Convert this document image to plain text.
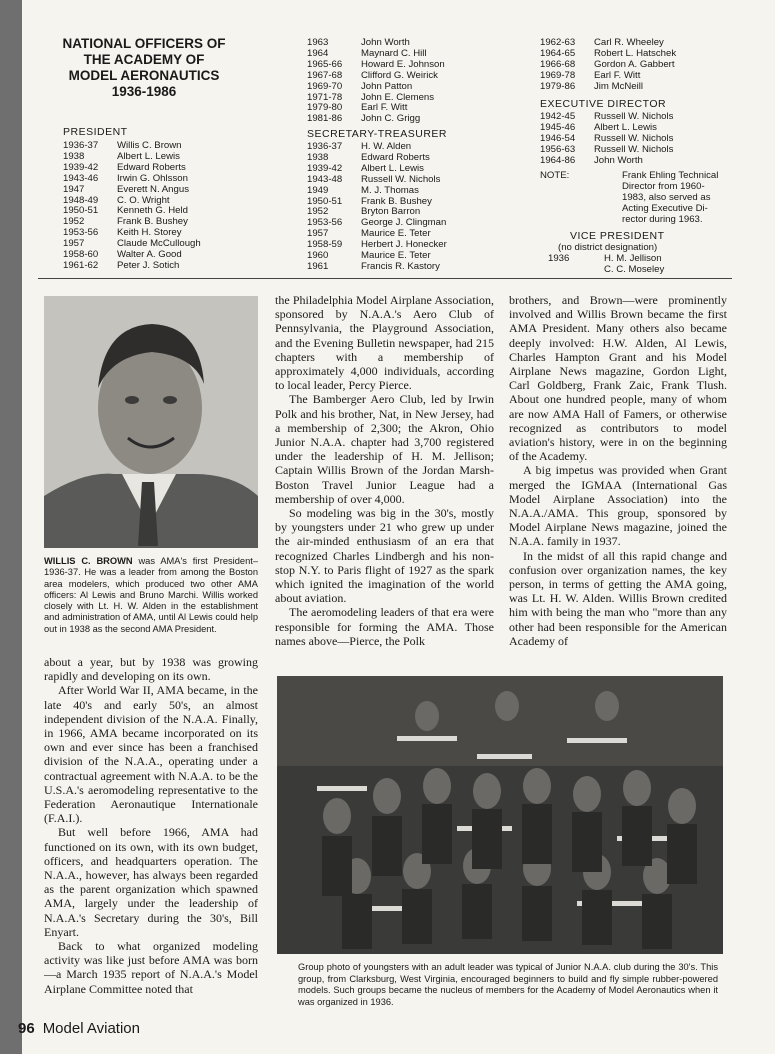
NATIONAL OFFICERS OF
THE ACADEMY OF
MODEL AERONAUTICS
1936-1986
PRESIDENT
1936-37	Willis C. Brown
1938	Albert L. Lewis
1939-42	Edward Roberts
1943-46	Irwin G. Ohlsson
1947	Everett N. Angus
1948-49	C. O. Wright
1950-51	Kenneth G. Held
1952	Frank B. Bushey
1953-56	Keith H. Storey
1957	Claude McCullough
1958-60	Walter A. Good
1961-62	Peter J. Sotich
1963	John Worth
1964	Maynard C. Hill
1965-66	Howard E. Johnson
1967-68	Clifford G. Weirick
1969-70	John Patton
1971-78	John E. Clemens
1979-80	Earl F. Witt
1981-86	John C. Grigg
SECRETARY-TREASURER
1936-37	H. W. Alden
1938	Edward Roberts
1939-42	Albert L. Lewis
1943-48	Russell W. Nichols
1949	M. J. Thomas
1950-51	Frank B. Bushey
1952	Bryton Barron
1953-56	George J. Clingman
1957	Maurice E. Teter
1958-59	Herbert J. Honecker
1960	Maurice E. Teter
1961	Francis R. Kastory
1962-63	Carl R. Wheeley
1964-65	Robert L. Hatschek
1966-68	Gordon A. Gabbert
1969-78	Earl F. Witt
1979-86	Jim McNeill
EXECUTIVE DIRECTOR
1942-45	Russell W. Nichols
1945-46	Albert L. Lewis
1946-54	Russell W. Nichols
1956-63	Russell W. Nichols
1964-86	John Worth
NOTE:	Frank Ehling Technical
Director from 1960-
1983, also served as
Acting Executive Di-
rector during 1963.
VICE PRESIDENT
(no district designation)
1936	H. M. Jellison
C. C. Moseley
WILLIS C. BROWN was AMA's first President–1936-37. He was a leader from among the Boston area modelers, which produced two other AMA officers: Al Lewis and Bruno Marchi. Willis worked closely with Lt. H. W. Alden in the establishment and administration of AMA, until Al Lewis could help out in 1938 as the second AMA President.

about a year, but by 1938 was growing rapidly and developing on its own.

After World War II, AMA became, in the late 40's and early 50's, an almost independent division of the N.A.A. Finally, in 1966, AMA became incorporated on its own and ever since has been a franchised division of the N.A.A., operating under a contractual agreement with N.A.A. to be the U.S.A.'s aeromodeling representative to the Federation Aeronautique Internationale (F.A.I.).

But well before 1966, AMA had functioned on its own, with its own budget, officers, and headquarters operation. The N.A.A., however, has always been regarded as the parent organization which spawned AMA, largely under the leadership of N.A.A.'s Secretary during the 30's, Bill Enyart.

Back to what organized modeling activity was like just before AMA was born—a March 1935 report of N.A.A.'s Model Airplane Committee noted that

the Philadelphia Model Airplane Association, sponsored by N.A.A.'s Aero Club of Pennsylvania, the Playground Association, and the Evening Bulletin newspaper, had 215 chapters with a membership of approximately 4,000 individuals, according to local leader, Percy Pierce.

The Bamberger Aero Club, led by Irwin Polk and his brother, Nat, in New Jersey, had a membership of 2,300; the Akron, Ohio Junior N.A.A. chapter had 3,700 registered under the leadership of H. M. Jellison; Captain Willis Brown of the Jordan Marsh-Boston Travel Junior League had a membership of over 4,000.

So modeling was big in the 30's, mostly by youngsters under 21 who grew up under the air-minded enthusiasm of an era that recognized Charles Lindbergh and his non-stop N.Y. to Paris flight of 1927 as the spark which ignited the imagination of the world about aviation.

The aeromodeling leaders of that era were responsible for forming the AMA. Those names above—Pierce, the Polk

brothers, and Brown—were prominently involved and Willis Brown became the first AMA President. Many others also became deeply involved: H.W. Alden, Al Lewis, Charles Hampton Grant and his Model Airplane News magazine, Gordon Light, Carl Goldberg, Frank Zaic, Frank Tlush. About one hundred people, many of whom are now AMA Hall of Famers, or otherwise recognized as contributors to model aviation's history, were in on the beginning of the Academy.

A big impetus was provided when Grant merged the IGMAA (International Gas Model Airplane Association) into the N.A.A./AMA. This group, sponsored by Model Airplane News magazine, joined the N.A.A. family in 1937.

In the midst of all this rapid change and confusion over organization names, the key person, in terms of getting the AMA going, was Lt. H. W. Alden. Willis Brown credited him with being the man who "more than any other had been responsible for the American Academy of

Group photo of youngsters with an adult leader was typical of Junior N.A.A. club during the 30's. This group, from Clarksburg, West Virginia, encouraged beginners to build and fly simple rubber-powered models. Such groups became the nucleus of members for the Academy of Model Aeronautics when it was organized in 1936.
96 Model Aviation
